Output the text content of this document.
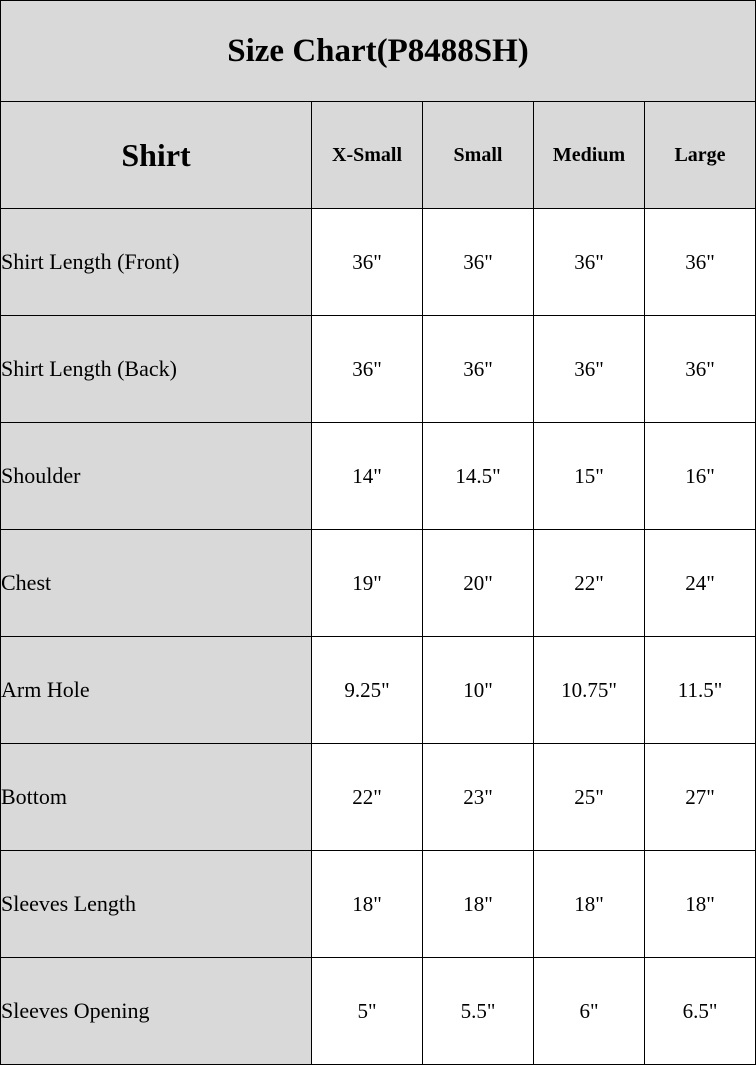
Size Chart(P8488SH)				
Shirt	X-Small	Small	Medium	Large
Shirt Length (Front)	36"	36"	36"	36"
Shirt Length (Back)	36"	36"	36"	36"
Shoulder	14"	14.5"	15"	16"
Chest	19"	20"	22"	24"
Arm Hole	9.25"	10"	10.75"	11.5"
Bottom	22"	23"	25"	27"
Sleeves Length	18"	18"	18"	18"
Sleeves Opening	5"	5.5"	6"	6.5"
